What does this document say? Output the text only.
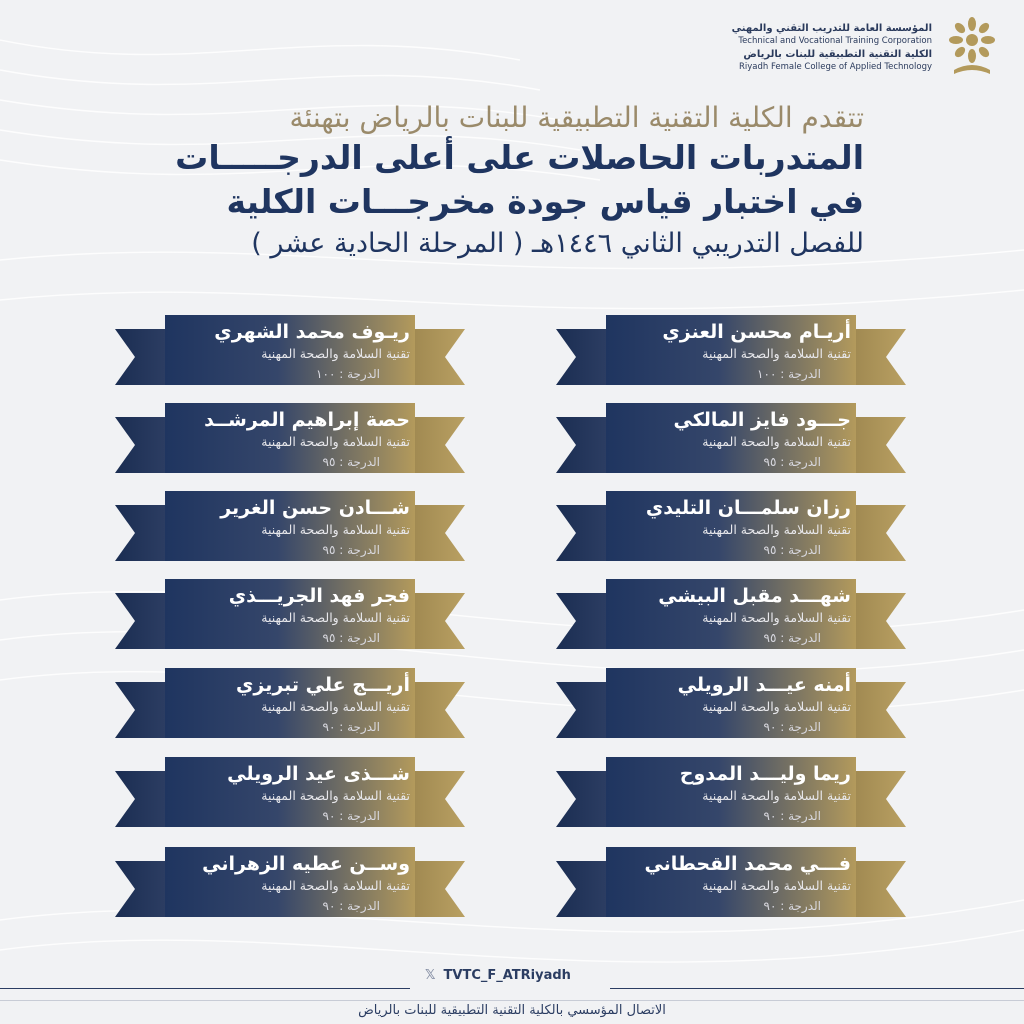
المؤسسة العامة للتدريب التقني والمهني
Technical and Vocational Training Corporation
الكلية التقنية التطبيقية للبنات بالرياض
Riyadh Female College of Applied Technology
تتقدم الكلية التقنية التطبيقية للبنات بالرياض بتهنئة
المتدربات الحاصلات على أعلى الدرجـــــات
في اختبار قياس جودة مخرجـــات الكلية
للفصل التدريبي الثاني ١٤٤٦هـ ( المرحلة الحادية عشر )
ريـوف محمد الشهري
تقنية السلامة والصحة المهنية
الدرجة : ١٠٠
حصة إبراهيم المرشــد
تقنية السلامة والصحة المهنية
الدرجة : ٩٥
شـــادن حسن الغرير
تقنية السلامة والصحة المهنية
الدرجة : ٩٥
فجر فهد الجريـــذي
تقنية السلامة والصحة المهنية
الدرجة : ٩٥
أريـــج علي تبريزي
تقنية السلامة والصحة المهنية
الدرجة : ٩٠
شـــذى عيد الرويلي
تقنية السلامة والصحة المهنية
الدرجة : ٩٠
وســن عطيه الزهراني
تقنية السلامة والصحة المهنية
الدرجة : ٩٠
أريـام محسن العنزي
تقنية السلامة والصحة المهنية
الدرجة : ١٠٠
جـــود فايز المالكي
تقنية السلامة والصحة المهنية
الدرجة : ٩٥
رزان سلمـــان التليدي
تقنية السلامة والصحة المهنية
الدرجة : ٩٥
شهـــد مقبل البيشي
تقنية السلامة والصحة المهنية
الدرجة : ٩٥
أمنه عيـــد الرويلي
تقنية السلامة والصحة المهنية
الدرجة : ٩٠
ريما وليـــد المدوح
تقنية السلامة والصحة المهنية
الدرجة : ٩٠
فـــي محمد القحطاني
تقنية السلامة والصحة المهنية
الدرجة : ٩٠
𝕏 TVTC_F_ATRiyadh
الاتصال المؤسسي بالكلية التقنية التطبيقية للبنات بالرياض
